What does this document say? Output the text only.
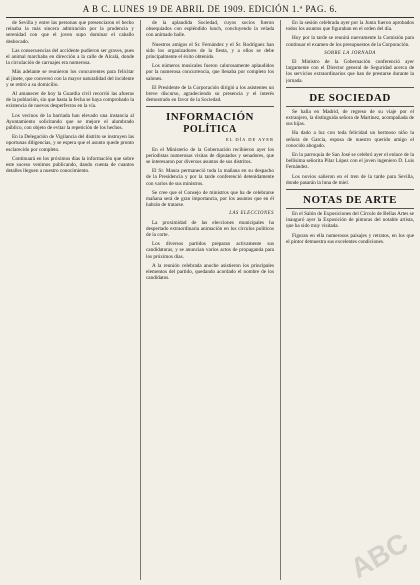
A B C. LUNES 19 DE ABRIL DE 1909. EDICIÓN 1.ª PAG. 6.

de Sevilla y entre las personas que presenciaron el hecho reinaba la más sincera admiración por la prudencia y serenidad con que el joven supo dominar el caballo desbocado.

Las consecuencias del accidente pudieron ser graves, pues el animal marchaba en dirección a la calle de Alcalá, donde la circulación de carruajes era numerosa.

Más adelante se reunieron los concurrentes para felicitar al jinete, que conversó con la mayor naturalidad del incidente y se retiró a su domicilio.

Al amanecer de hoy la Guardia civil recorrió las afueras de la población, sin que hasta la fecha se haya comprobado la existencia de nuevos desperfectos en la vía.

Los vecinos de la barriada han elevado una instancia al Ayuntamiento solicitando que se mejore el alumbrado público, con objeto de evitar la repetición de los hechos.

En la Delegación de Vigilancia del distrito se instruyen las oportunas diligencias, y se espera que el asunto quede pronto esclarecido por completo.

Continuará en los próximos días la información que sobre este suceso venimos publicando, dando cuenta de cuantos detalles lleguen a nuestro conocimiento.

de la aplaudida Sociedad, cuyos socios fueron obsequiados con espléndido lunch, concluyendo la velada con animado baile.

Nuestros amigos el Sr. Fernández y el Sr. Rodríguez han sido los organizadores de la fiesta, y a ellos se debe principalmente el éxito obtenido.

Los números musicales fueron calurosamente aplaudidos por la numerosa concurrencia, que llenaba por completo los salones.

El Presidente de la Corporación dirigió a los asistentes un breve discurso, agradeciendo su presencia y el interés demostrado en favor de la Sociedad.

INFORMACIÓN
POLÍTICA
EL DÍA DE AYER

En el Ministerio de la Gobernación recibieron ayer los periodistas numerosas visitas de diputados y senadores, que se interesaron por diversos asuntos de sus distritos.

El Sr. Maura permaneció toda la mañana en su despacho de la Presidencia y por la tarde conferenció detenidamente con varios de sus ministros.

Se cree que el Consejo de ministros que ha de celebrarse mañana será de gran importancia, por los asuntos que en él habrán de tratarse.

LAS ELECCIONES

La proximidad de las elecciones municipales ha despertado extraordinaria animación en los círculos políticos de la corte.

Los diversos partidos preparan activamente sus candidaturas, y se anuncian varios actos de propaganda para los próximos días.

A la reunión celebrada anoche asistieron los principales elementos del partido, quedando acordado el nombre de los candidatos.

En la sesión celebrada ayer por la Junta fueron aprobados todos los asuntos que figuraban en el orden del día.

Hoy por la tarde se reunirá nuevamente la Comisión para continuar el examen de los presupuestos de la Corporación.

SOBRE LA JORNADA

El Ministro de la Gobernación conferenció ayer largamente con el Director general de Seguridad acerca de los servicios extraordinarios que han de prestarse durante la jornada.

DE SOCIEDAD

Se halla en Madrid, de regreso de su viaje por el extranjero, la distinguida señora de Martínez, acompañada de sus hijas.

Ha dado a luz con toda felicidad un hermoso niño la señora de García, esposa de nuestro querido amigo el conocido abogado.

En la parroquia de San José se celebró ayer el enlace de la bellísima señorita Pilar López con el joven ingeniero D. Luis Fernández.

Los novios salieron en el tren de la tarde para Sevilla, donde pasarán la luna de miel.

NOTAS DE ARTE

En el Salón de Exposiciones del Círculo de Bellas Artes se inauguró ayer la Exposición de pinturas del notable artista, que ha sido muy visitada.

Figuran en ella numerosos paisajes y retratos, en los que el pintor demuestra sus excelentes condiciones.

ABC
